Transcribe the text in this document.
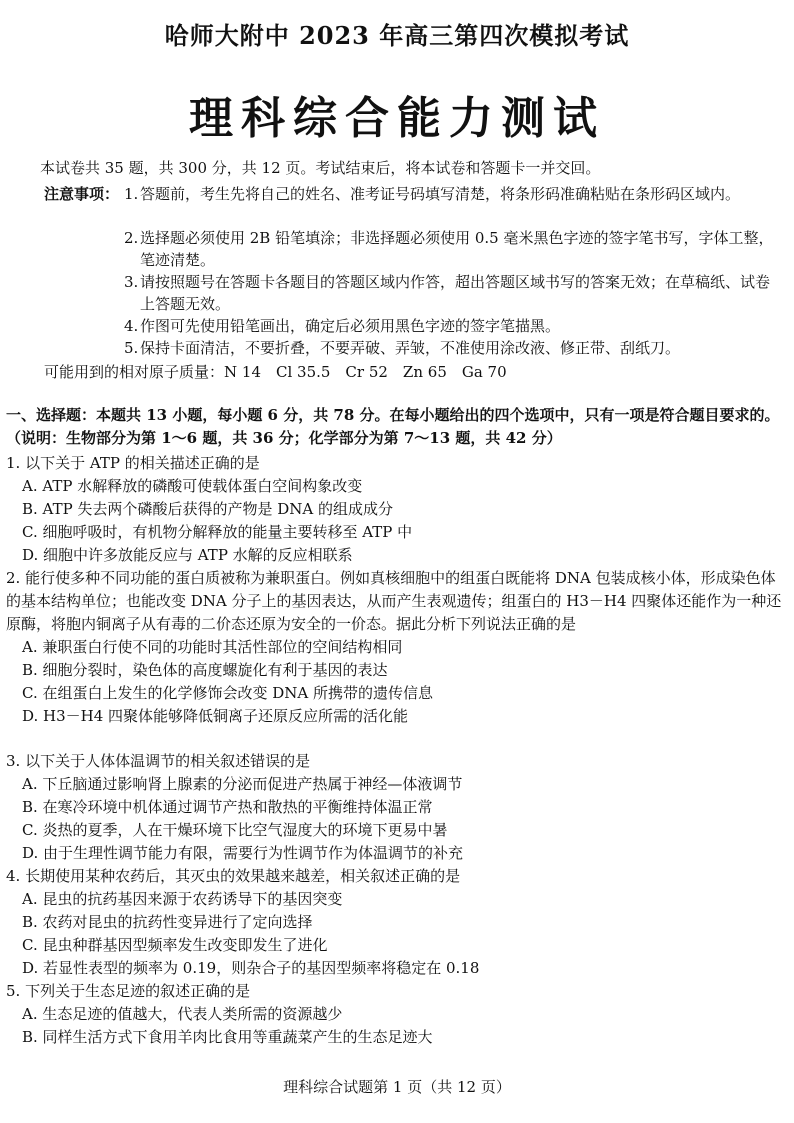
哈师大附中 2023 年高三第四次模拟考试
理科综合能力测试
本试卷共 35 题，共 300 分，共 12 页。考试结束后，将本试卷和答题卡一并交回。
注意事项： 1. 答题前，考生先将自己的姓名、准考证号码填写清楚，将条形码准确粘贴在条形码区域内。
2. 选择题必须使用 2B 铅笔填涂；非选择题必须使用 0.5 毫米黑色字迹的签字笔书写，字体工整，笔迹清楚。
3. 请按照题号在答题卡各题目的答题区域内作答，超出答题区域书写的答案无效；在草稿纸、试卷上答题无效。
4. 作图可先使用铅笔画出，确定后必须用黑色字迹的签字笔描黑。
5. 保持卡面清洁，不要折叠，不要弄破、弄皱，不准使用涂改液、修正带、刮纸刀。
可能用到的相对原子质量：N 14　Cl 35.5　Cr 52　Zn 65　Ga 70
一、选择题：本题共 13 小题，每小题 6 分，共 78 分。在每小题给出的四个选项中，只有一项是符合题目要求的。（说明：生物部分为第 1～6 题，共 36 分；化学部分为第 7～13 题，共 42 分）
1. 以下关于 ATP 的相关描述正确的是
A. ATP 水解释放的磷酸可使载体蛋白空间构象改变
B. ATP 失去两个磷酸后获得的产物是 DNA 的组成成分
C. 细胞呼吸时，有机物分解释放的能量主要转移至 ATP 中
D. 细胞中许多放能反应与 ATP 水解的反应相联系
2. 能行使多种不同功能的蛋白质被称为兼职蛋白。例如真核细胞中的组蛋白既能将 DNA 包装成核小体，形成染色体的基本结构单位；也能改变 DNA 分子上的基因表达，从而产生表观遗传；组蛋白的 H3－H4 四聚体还能作为一种还原酶，将胞内铜离子从有毒的二价态还原为安全的一价态。据此分析下列说法正确的是
A. 兼职蛋白行使不同的功能时其活性部位的空间结构相同
B. 细胞分裂时，染色体的高度螺旋化有利于基因的表达
C. 在组蛋白上发生的化学修饰会改变 DNA 所携带的遗传信息
D. H3－H4 四聚体能够降低铜离子还原反应所需的活化能
3. 以下关于人体体温调节的相关叙述错误的是
A. 下丘脑通过影响肾上腺素的分泌而促进产热属于神经—体液调节
B. 在寒冷环境中机体通过调节产热和散热的平衡维持体温正常
C. 炎热的夏季，人在干燥环境下比空气湿度大的环境下更易中暑
D. 由于生理性调节能力有限，需要行为性调节作为体温调节的补充
4. 长期使用某种农药后，其灭虫的效果越来越差，相关叙述正确的是
A. 昆虫的抗药基因来源于农药诱导下的基因突变
B. 农药对昆虫的抗药性变异进行了定向选择
C. 昆虫种群基因型频率发生改变即发生了进化
D. 若显性表型的频率为 0.19，则杂合子的基因型频率将稳定在 0.18
5. 下列关于生态足迹的叙述正确的是
A. 生态足迹的值越大，代表人类所需的资源越少
B. 同样生活方式下食用羊肉比食用等重蔬菜产生的生态足迹大
理科综合试题第 1 页（共 12 页）
